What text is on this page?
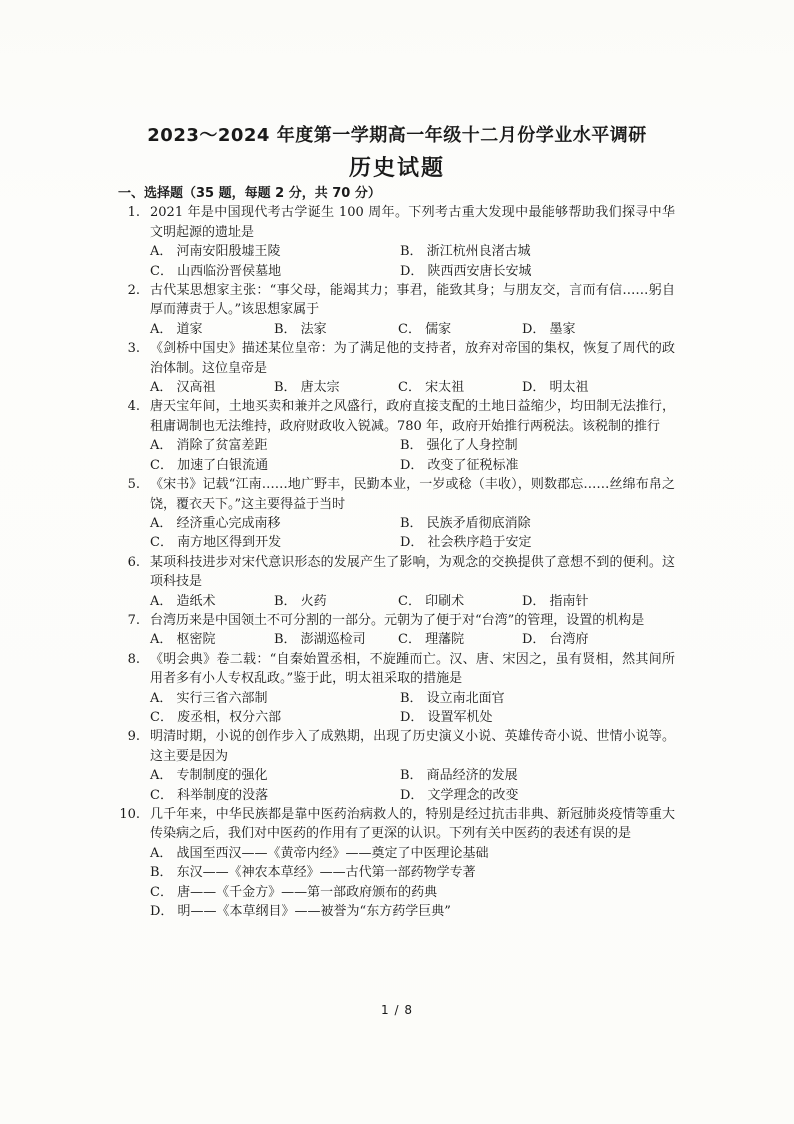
2023～2024 年度第一学期高一年级十二月份学业水平调研
历史试题
一、选择题（35 题，每题 2 分，共 70 分）
1. 2021 年是中国现代考古学诞生 100 周年。下列考古重大发现中最能够帮助我们探寻中华文明起源的遗址是
A． 河南安阳殷墟王陵	B． 浙江杭州良渚古城
C． 山西临汾晋侯墓地	D． 陕西西安唐长安城
2. 古代某思想家主张：“事父母，能竭其力；事君，能致其身；与朋友交，言而有信……躬自厚而薄责于人。”该思想家属于
A． 道家	B． 法家	C． 儒家	D． 墨家
3. 《剑桥中国史》描述某位皇帝：为了满足他的支持者，放弃对帝国的集权，恢复了周代的政治体制。这位皇帝是
A． 汉高祖	B． 唐太宗	C． 宋太祖	D． 明太祖
4. 唐天宝年间，土地买卖和兼并之风盛行，政府直接支配的土地日益缩少，均田制无法推行，租庸调制也无法维持，政府财政收入锐减。780 年，政府开始推行两税法。该税制的推行
A． 消除了贫富差距	B． 强化了人身控制
C． 加速了白银流通	D． 改变了征税标准
5. 《宋书》记载“江南……地广野丰，民勤本业，一岁或稔（丰收），则数郡忘……丝绵布帛之饶，覆衣天下。”这主要得益于当时
A． 经济重心完成南移	B． 民族矛盾彻底消除
C． 南方地区得到开发	D． 社会秩序趋于安定
6. 某项科技进步对宋代意识形态的发展产生了影响，为观念的交换提供了意想不到的便利。这项科技是
A． 造纸术	B． 火药	C． 印刷术	D． 指南针
7. 台湾历来是中国领土不可分割的一部分。元朝为了便于对“台湾”的管理，设置的机构是
A． 枢密院	B． 澎湖巡检司	C． 理藩院	D． 台湾府
8. 《明会典》卷二载：“自秦始置丞相，不旋踵而亡。汉、唐、宋因之，虽有贤相，然其间所用者多有小人专权乱政。”鉴于此，明太祖采取的措施是
A． 实行三省六部制	B． 设立南北面官
C． 废丞相，权分六部	D． 设置军机处
9. 明清时期，小说的创作步入了成熟期，出现了历史演义小说、英雄传奇小说、世情小说等。这主要是因为
A． 专制制度的强化	B． 商品经济的发展
C． 科举制度的没落	D． 文学理念的改变
10. 几千年来，中华民族都是靠中医药治病救人的，特别是经过抗击非典、新冠肺炎疫情等重大传染病之后，我们对中医药的作用有了更深的认识。下列有关中医药的表述有误的是
A． 战国至西汉——《黄帝内经》——奠定了中医理论基础
B． 东汉——《神农本草经》——古代第一部药物学专著
C． 唐——《千金方》——第一部政府颁布的药典
D． 明——《本草纲目》——被誉为“东方药学巨典”
1 / 8
